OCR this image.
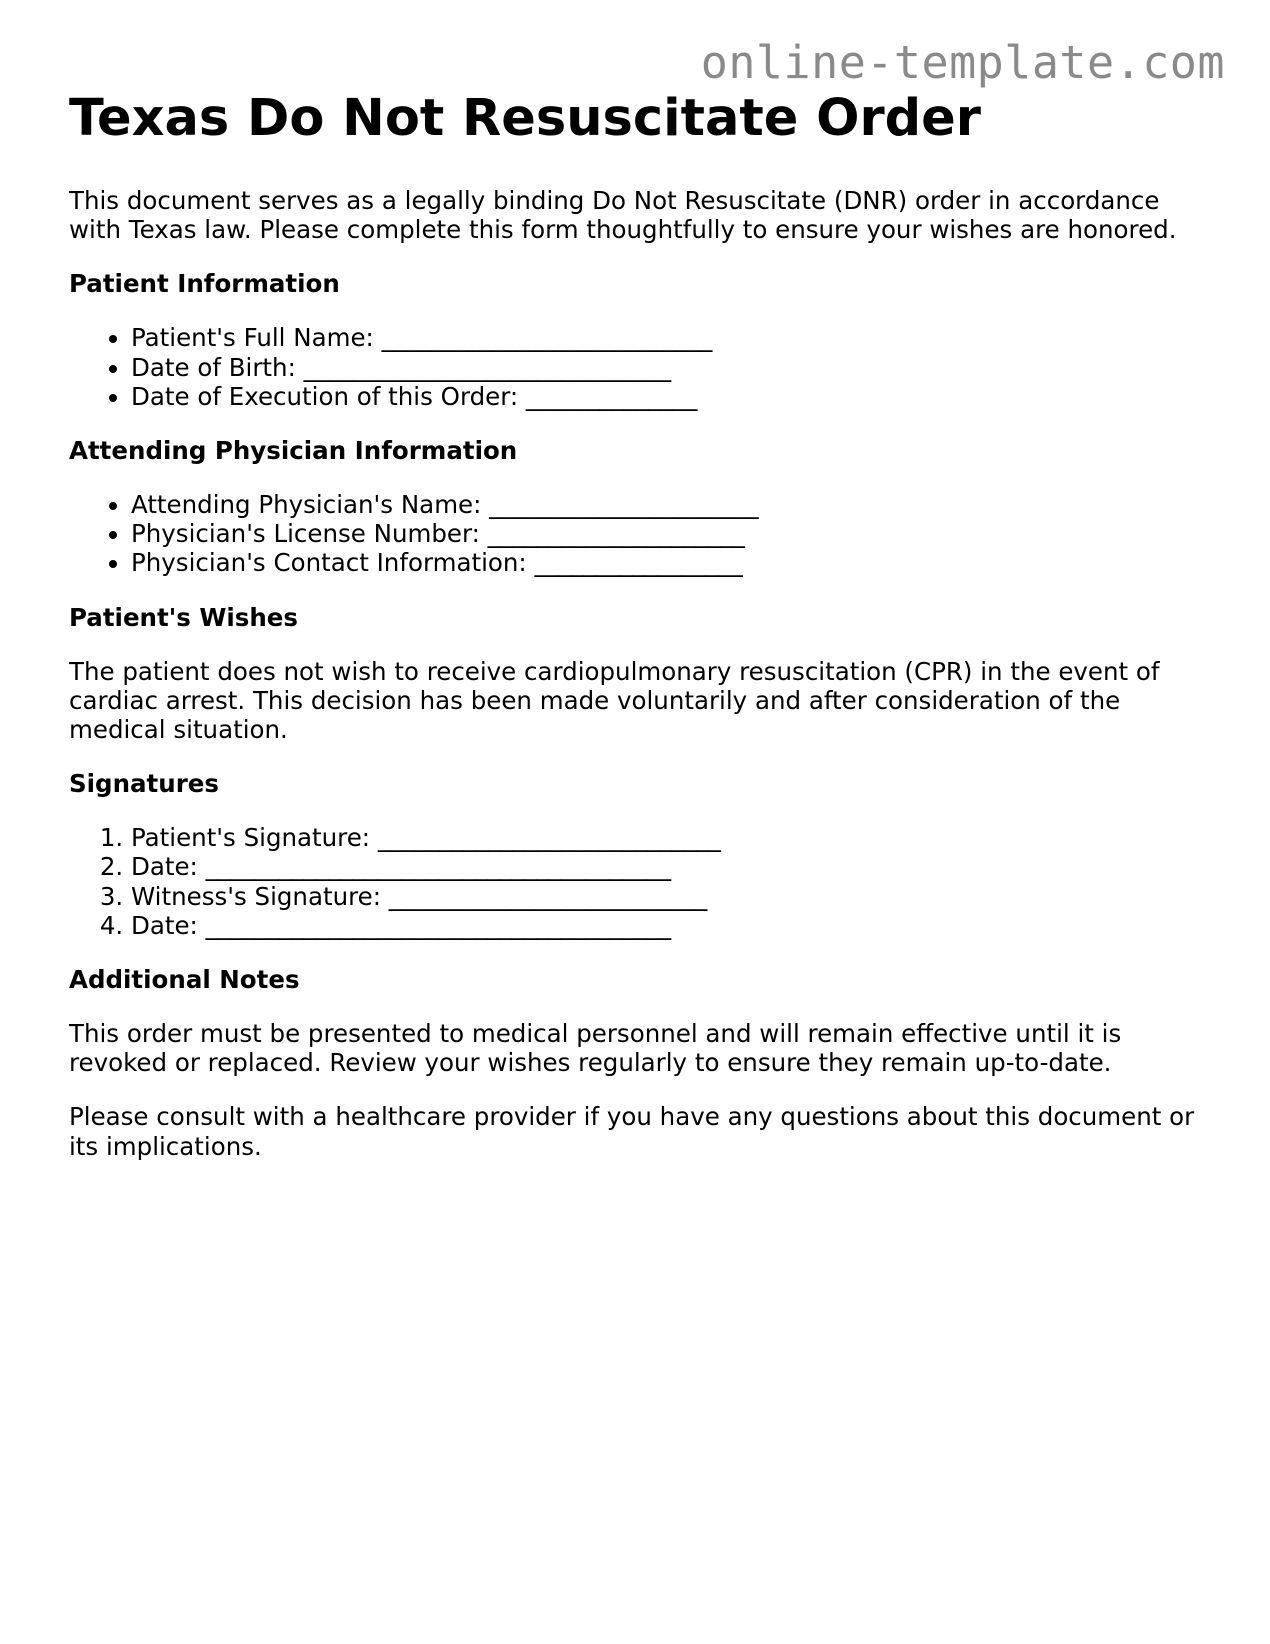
online-template.com
Texas Do Not Resuscitate Order

This document serves as a legally binding Do Not Resuscitate (DNR) order in accordance with Texas law. Please complete this form thoughtfully to ensure your wishes are honored.

Patient Information
• Patient's Full Name: ___________________________
• Date of Birth: ______________________________
• Date of Execution of this Order: ______________
Attending Physician Information
• Attending Physician's Name: ______________________
• Physician's License Number: _____________________
• Physician's Contact Information: _________________
Patient's Wishes

The patient does not wish to receive cardiopulmonary resuscitation (CPR) in the event of cardiac arrest. This decision has been made voluntarily and after consideration of the medical situation.

Signatures
1. Patient's Signature: ____________________________
2. Date: ______________________________________
3. Witness's Signature: __________________________
4. Date: ______________________________________
Additional Notes

This order must be presented to medical personnel and will remain effective until it is revoked or replaced. Review your wishes regularly to ensure they remain up-to-date.

Please consult with a healthcare provider if you have any questions about this document or its implications.
